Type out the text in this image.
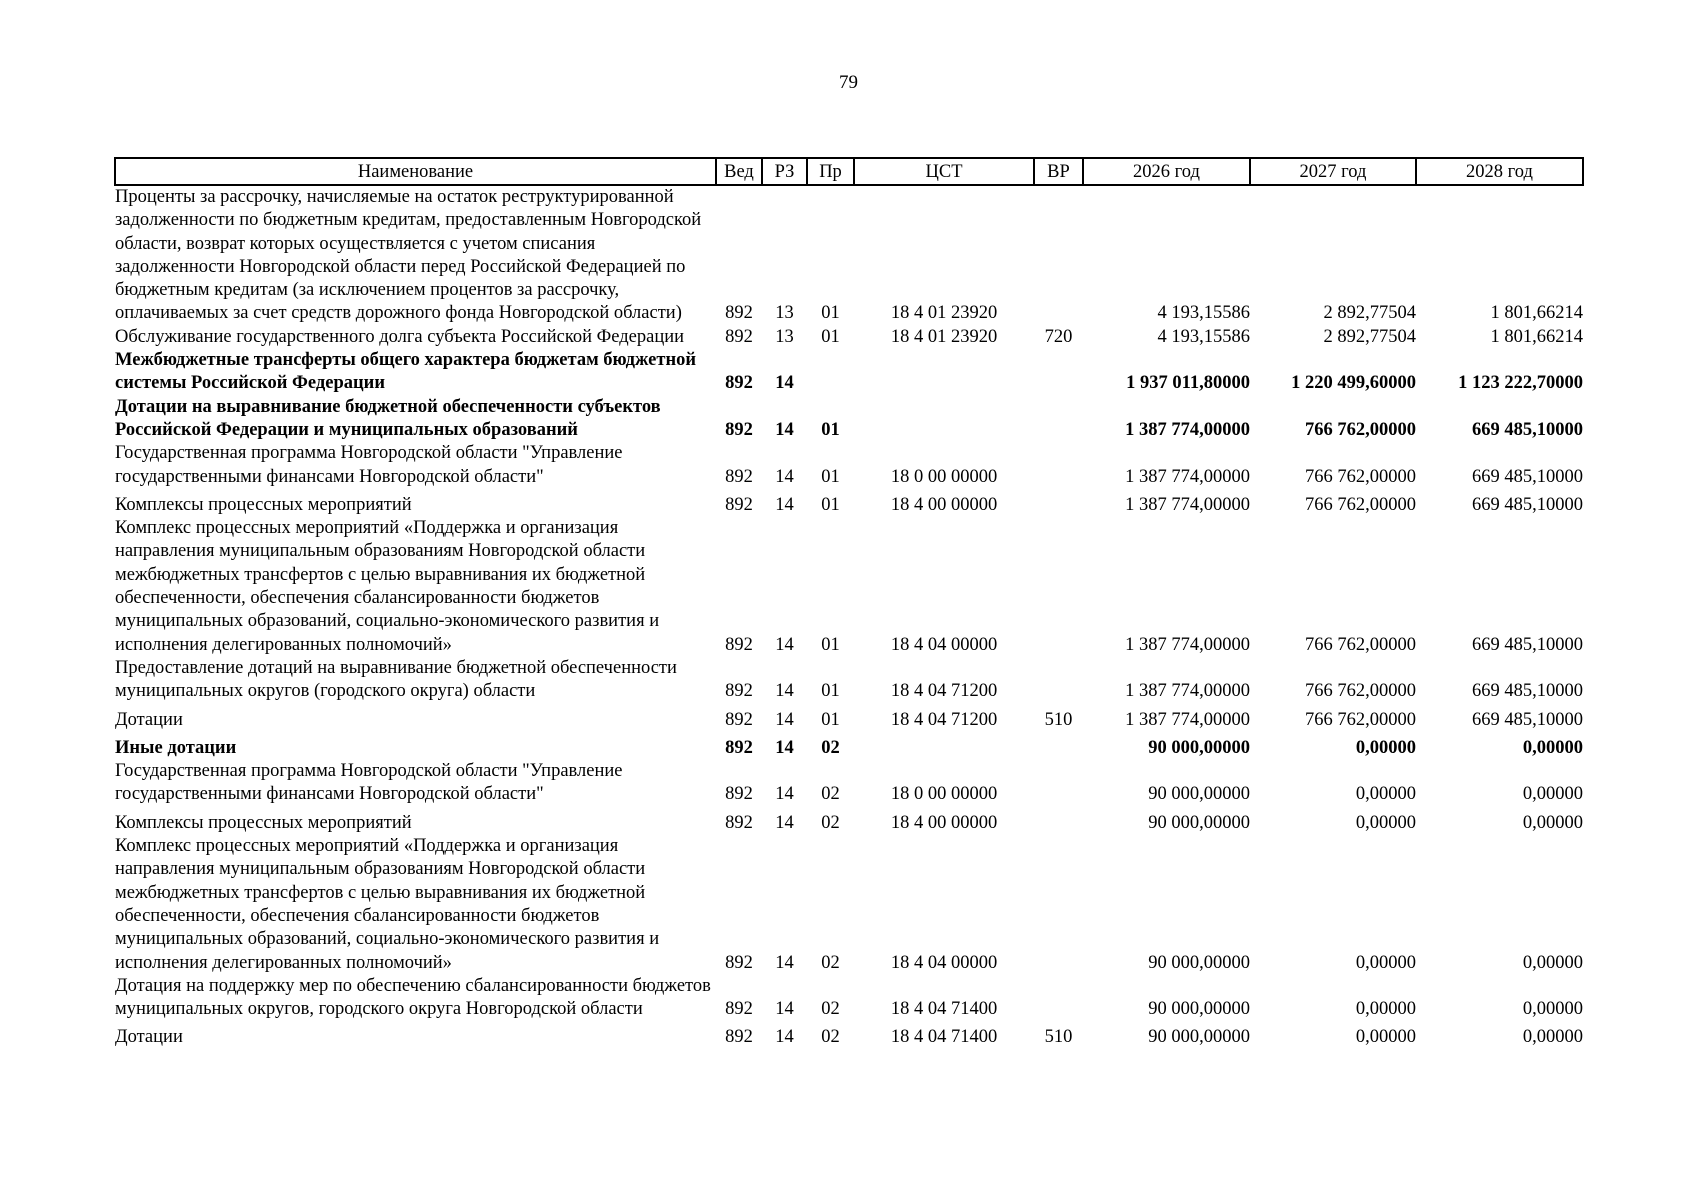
79
Наименование	Вед	РЗ	Пр	ЦСТ	ВР	2026 год	2027 год	2028 год
Проценты за рассрочку, начисляемые на остаток реструктурированной задолженности по бюджетным кредитам, предоставленным Новгородской области, возврат которых осуществляется с учетом списания задолженности Новгородской области перед Российской Федерацией по бюджетным кредитам (за исключением процентов за рассрочку, оплачиваемых за счет средств дорожного фонда Новгородской области)	892	13	01	18 4 01 23920		4 193,15586	2 892,77504	1 801,66214
Обслуживание государственного долга субъекта Российской Федерации	892	13	01	18 4 01 23920	720	4 193,15586	2 892,77504	1 801,66214
Межбюджетные трансферты общего характера бюджетам бюджетной системы Российской Федерации	892	14				1 937 011,80000	1 220 499,60000	1 123 222,70000
Дотации на выравнивание бюджетной обеспеченности субъектов Российской Федерации и муниципальных образований	892	14	01			1 387 774,00000	766 762,00000	669 485,10000
Государственная программа Новгородской области "Управление государственными финансами Новгородской области"	892	14	01	18 0 00 00000		1 387 774,00000	766 762,00000	669 485,10000
Комплексы процессных мероприятий	892	14	01	18 4 00 00000		1 387 774,00000	766 762,00000	669 485,10000
Комплекс процессных мероприятий «Поддержка и организация направления муниципальным образованиям Новгородской области межбюджетных трансфертов с целью выравнивания их бюджетной обеспеченности, обеспечения сбалансированности бюджетов муниципальных образований, социально-экономического развития и исполнения делегированных полномочий»	892	14	01	18 4 04 00000		1 387 774,00000	766 762,00000	669 485,10000
Предоставление дотаций на выравнивание бюджетной обеспеченности муниципальных округов (городского округа) области	892	14	01	18 4 04 71200		1 387 774,00000	766 762,00000	669 485,10000
Дотации	892	14	01	18 4 04 71200	510	1 387 774,00000	766 762,00000	669 485,10000
Иные дотации	892	14	02			90 000,00000	0,00000	0,00000
Государственная программа Новгородской области "Управление государственными финансами Новгородской области"	892	14	02	18 0 00 00000		90 000,00000	0,00000	0,00000
Комплексы процессных мероприятий	892	14	02	18 4 00 00000		90 000,00000	0,00000	0,00000
Комплекс процессных мероприятий «Поддержка и организация направления муниципальным образованиям Новгородской области межбюджетных трансфертов с целью выравнивания их бюджетной обеспеченности, обеспечения сбалансированности бюджетов муниципальных образований, социально-экономического развития и исполнения делегированных полномочий»	892	14	02	18 4 04 00000		90 000,00000	0,00000	0,00000
Дотация на поддержку мер по обеспечению сбалансированности бюджетов муниципальных округов, городского округа Новгородской области	892	14	02	18 4 04 71400		90 000,00000	0,00000	0,00000
Дотации	892	14	02	18 4 04 71400	510	90 000,00000	0,00000	0,00000
